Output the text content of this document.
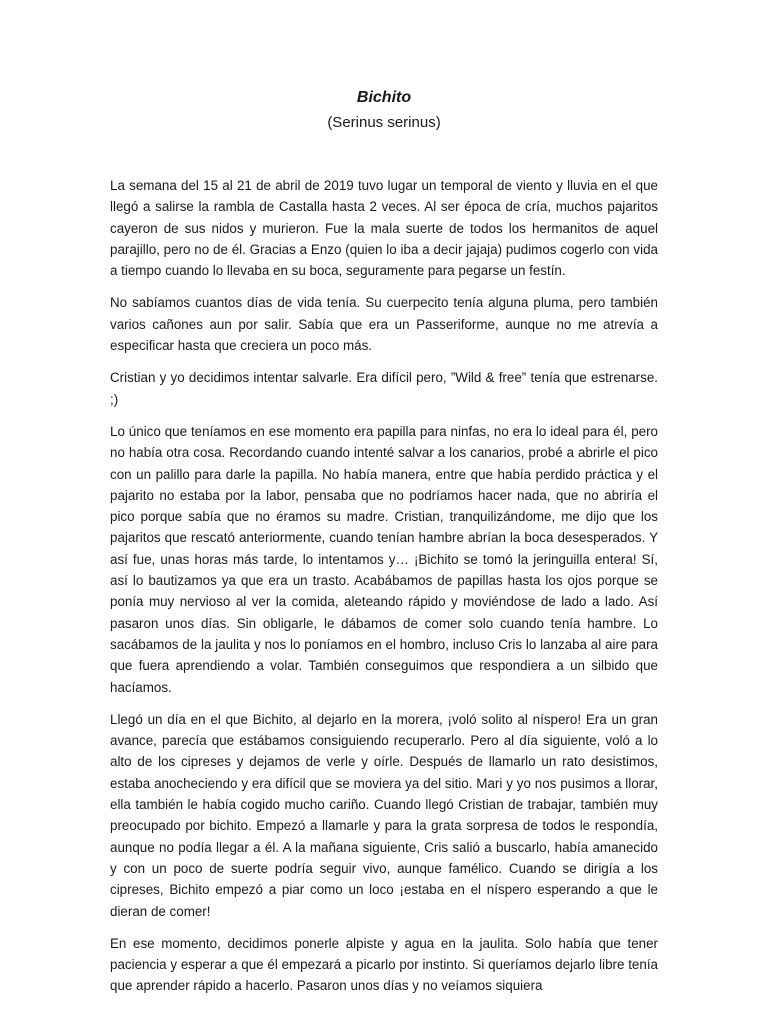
Bichito
(Serinus serinus)

La semana del 15 al 21 de abril de 2019 tuvo lugar un temporal de viento y lluvia en el que llegó a salirse la rambla de Castalla hasta 2 veces. Al ser época de cría, muchos pajaritos cayeron de sus nidos y murieron. Fue la mala suerte de todos los hermanitos de aquel parajillo, pero no de él. Gracias a Enzo (quien lo iba a decir jajaja) pudimos cogerlo con vida a tiempo cuando lo llevaba en su boca, seguramente para pegarse un festín.

No sabíamos cuantos días de vida tenía. Su cuerpecito tenía alguna pluma, pero también varios cañones aun por salir. Sabía que era un Passeriforme, aunque no me atrevía a especificar hasta que creciera un poco más.

Cristian y yo decidimos intentar salvarle. Era difícil pero, ”Wild & free” tenía que estrenarse. ;)

Lo único que teníamos en ese momento era papilla para ninfas, no era lo ideal para él, pero no había otra cosa. Recordando cuando intenté salvar a los canarios, probé a abrirle el pico con un palillo para darle la papilla. No había manera, entre que había perdido práctica y el pajarito no estaba por la labor, pensaba que no podríamos hacer nada, que no abriría el pico porque sabía que no éramos su madre. Cristian, tranquilizándome, me dijo que los pajaritos que rescató anteriormente, cuando tenían hambre abrían la boca desesperados. Y así fue, unas horas más tarde, lo intentamos y… ¡Bichito se tomó la jeringuilla entera! Sí, así lo bautizamos ya que era un trasto. Acabábamos de papillas hasta los ojos porque se ponía muy nervioso al ver la comida, aleteando rápido y moviéndose de lado a lado. Así pasaron unos días. Sin obligarle, le dábamos de comer solo cuando tenía hambre. Lo sacábamos de la jaulita y nos lo poníamos en el hombro, incluso Cris lo lanzaba al aire para que fuera aprendiendo a volar. También conseguimos que respondiera a un silbido que hacíamos.

Llegó un día en el que Bichito, al dejarlo en la morera, ¡voló solito al níspero! Era un gran avance, parecía que estábamos consiguiendo recuperarlo. Pero al día siguiente, voló a lo alto de los cipreses y dejamos de verle y oírle. Después de llamarlo un rato desistimos, estaba anocheciendo y era difícil que se moviera ya del sitio. Mari y yo nos pusimos a llorar, ella también le había cogido mucho cariño. Cuando llegó Cristian de trabajar, también muy preocupado por bichito. Empezó a llamarle y para la grata sorpresa de todos le respondía, aunque no podía llegar a él. A la mañana siguiente, Cris salió a buscarlo, había amanecido y con un poco de suerte podría seguir vivo, aunque famélico. Cuando se dirigía a los cipreses, Bichito empezó a piar como un loco ¡estaba en el níspero esperando a que le dieran de comer!

En ese momento, decidimos ponerle alpiste y agua en la jaulita. Solo había que tener paciencia y esperar a que él empezará a picarlo por instinto. Si queríamos dejarlo libre tenía que aprender rápido a hacerlo. Pasaron unos días y no veíamos siquiera
